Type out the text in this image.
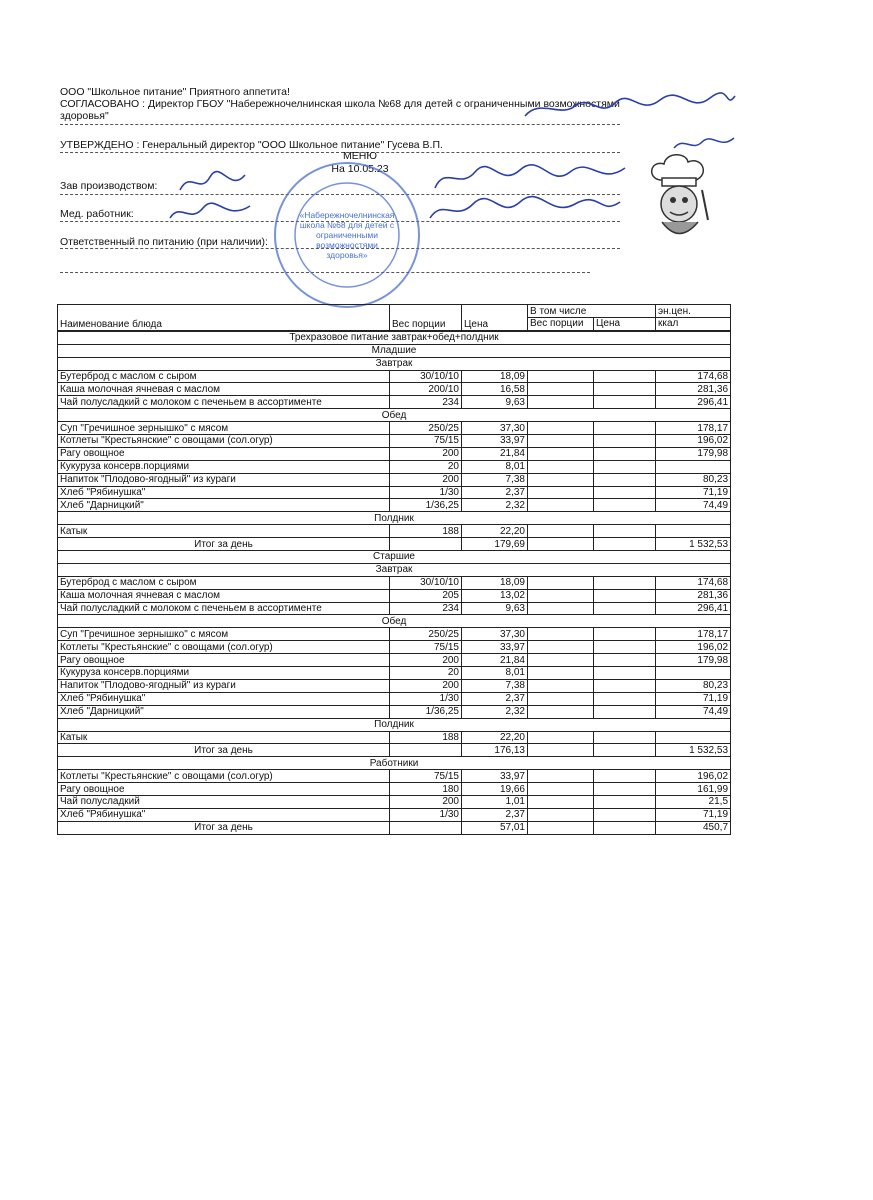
ООО "Школьное питание" Приятного аппетита!
СОГЛАСОВАНО : Директор ГБОУ "Набережночелнинская школа №68 для детей с ограниченными возможностями
здоровья"
УТВЕРЖДЕНО : Генеральный директор "ООО Школьное питание" Гусева В.П.
МЕНЮ
На 10.05.23
Зав производством:
Мед. работник:
Ответственный по питанию (при наличии):
«Набережночелнинская
школа №68 для детей с
ограниченными
возможностями
здоровья»
Наименование блюда	Вес порции	Цена	В том числе		эн.цен.
			Вес порции	Цена	ккал

Трехразовое питание завтрак+обед+полдник					
Младшие					
Завтрак					
Бутерброд с маслом с сыром	30/10/10	18,09			174,68
Каша молочная ячневая с маслом	200/10	16,58			281,36
Чай полусладкий с молоком с печеньем в ассортименте	234	9,63			296,41
Обед					
Суп "Гречишное зернышко" с мясом	250/25	37,30			178,17
Котлеты "Крестьянские" с овощами (сол.огур)	75/15	33,97			196,02
Рагу овощное	200	21,84			179,98
Кукуруза консерв.порциями	20	8,01			
Напиток "Плодово-ягодный" из кураги	200	7,38			80,23
Хлеб "Рябинушка"	1/30	2,37			71,19
Хлеб "Дарницкий"	1/36,25	2,32			74,49
Полдник					
Катык	188	22,20			
Итог за день		179,69			1 532,53
Старшие					
Завтрак					
Бутерброд с маслом с сыром	30/10/10	18,09			174,68
Каша молочная ячневая с маслом	205	13,02			281,36
Чай полусладкий с молоком с печеньем в ассортименте	234	9,63			296,41
Обед					
Суп "Гречишное зернышко" с мясом	250/25	37,30			178,17
Котлеты "Крестьянские" с овощами (сол.огур)	75/15	33,97			196,02
Рагу овощное	200	21,84			179,98
Кукуруза консерв.порциями	20	8,01			
Напиток "Плодово-ягодный" из кураги	200	7,38			80,23
Хлеб "Рябинушка"	1/30	2,37			71,19
Хлеб "Дарницкий"	1/36,25	2,32			74,49
Полдник					
Катык	188	22,20			
Итог за день		176,13			1 532,53
Работники					
Котлеты "Крестьянские" с овощами (сол.огур)	75/15	33,97			196,02
Рагу овощное	180	19,66			161,99
Чай полусладкий	200	1,01			21,5
Хлеб "Рябинушка"	1/30	2,37			71,19
Итог за день		57,01			450,7
